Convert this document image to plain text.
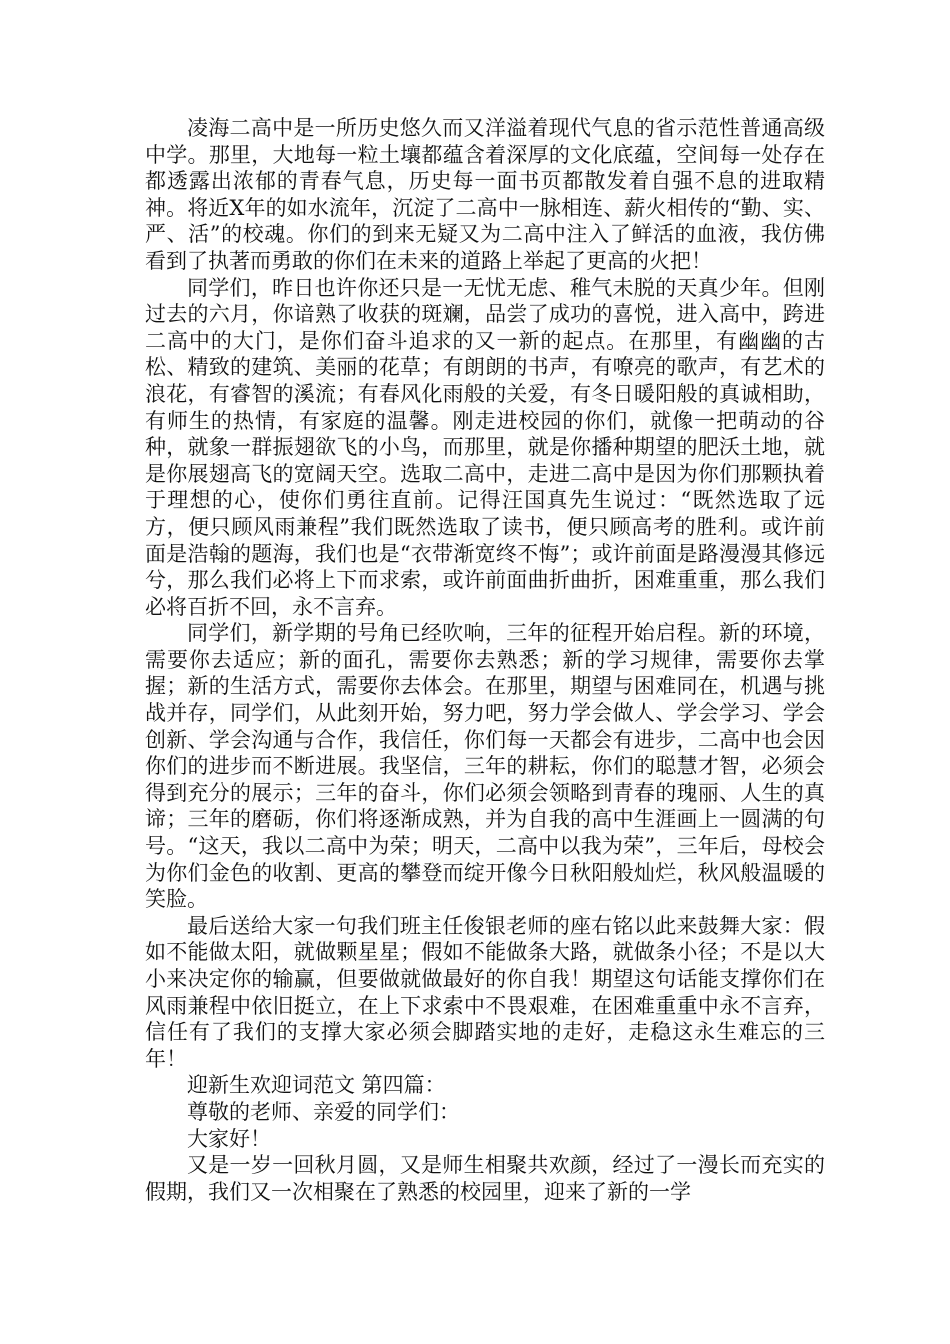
凌海二高中是一所历史悠久而又洋溢着现代气息的省示范性普通高级中学。那里，大地每一粒土壤都蕴含着深厚的文化底蕴，空间每一处存在都透露出浓郁的青春气息，历史每一面书页都散发着自强不息的进取精神。将近X年的如水流年，沉淀了二高中一脉相连、薪火相传的“勤、实、严、活”的校魂。你们的到来无疑又为二高中注入了鲜活的血液，我仿佛看到了执著而勇敢的你们在未来的道路上举起了更高的火把！

同学们，昨日也许你还只是一无忧无虑、稚气未脱的天真少年。但刚过去的六月，你谙熟了收获的斑斓，品尝了成功的喜悦，进入高中，跨进二高中的大门，是你们奋斗追求的又一新的起点。在那里，有幽幽的古松、精致的建筑、美丽的花草；有朗朗的书声，有嘹亮的歌声，有艺术的浪花，有睿智的溪流；有春风化雨般的关爱，有冬日暖阳般的真诚相助，有师生的热情，有家庭的温馨。刚走进校园的你们，就像一把萌动的谷种，就象一群振翅欲飞的小鸟，而那里，就是你播种期望的肥沃土地，就是你展翅高飞的宽阔天空。选取二高中，走进二高中是因为你们那颗执着于理想的心，使你们勇往直前。记得汪国真先生说过：“既然选取了远方，便只顾风雨兼程”我们既然选取了读书，便只顾高考的胜利。或许前面是浩翰的题海，我们也是“衣带渐宽终不悔”；或许前面是路漫漫其修远兮，那么我们必将上下而求索，或许前面曲折曲折，困难重重，那么我们必将百折不回，永不言弃。

同学们，新学期的号角已经吹响，三年的征程开始启程。新的环境，需要你去适应；新的面孔，需要你去熟悉；新的学习规律，需要你去掌握；新的生活方式，需要你去体会。在那里，期望与困难同在，机遇与挑战并存，同学们，从此刻开始，努力吧，努力学会做人、学会学习、学会创新、学会沟通与合作，我信任，你们每一天都会有进步，二高中也会因你们的进步而不断进展。我坚信，三年的耕耘，你们的聪慧才智，必须会得到充分的展示；三年的奋斗，你们必须会领略到青春的瑰丽、人生的真谛；三年的磨砺，你们将逐渐成熟，并为自我的高中生涯画上一圆满的句号。“这天，我以二高中为荣；明天，二高中以我为荣”，三年后，母校会为你们金色的收割、更高的攀登而绽开像今日秋阳般灿烂，秋风般温暖的笑脸。

最后送给大家一句我们班主任俊银老师的座右铭以此来鼓舞大家：假如不能做太阳，就做颗星星；假如不能做条大路，就做条小径；不是以大小来决定你的输赢，但要做就做最好的你自我！期望这句话能支撑你们在风雨兼程中依旧挺立，在上下求索中不畏艰难，在困难重重中永不言弃，信任有了我们的支撑大家必须会脚踏实地的走好，走稳这永生难忘的三年！

迎新生欢迎词范文 第四篇：

尊敬的老师、亲爱的同学们：

大家好！

又是一岁一回秋月圆，又是师生相聚共欢颜，经过了一漫长而充实的假期，我们又一次相聚在了熟悉的校园里，迎来了新的一学
